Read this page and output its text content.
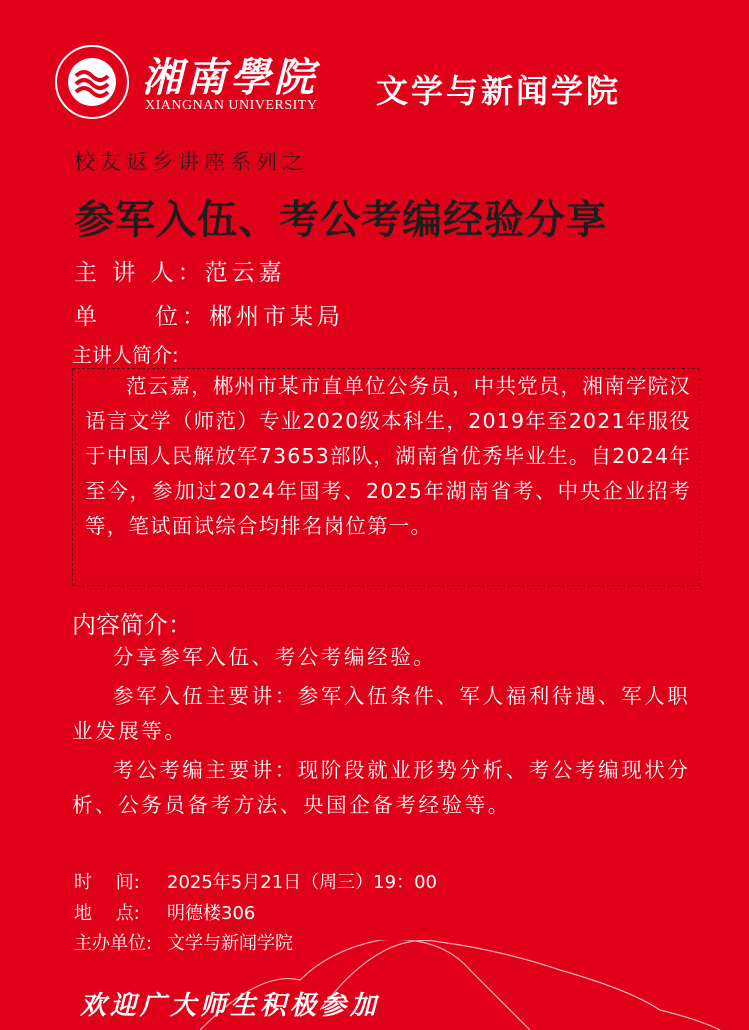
湘南學院
XIANGNAN UNIVERSITY 文学与新闻学院
校友返乡讲座系列之
参军入伍、考公考编经验分享
主 讲 人：范云嘉
单　　位：郴州市某局
主讲人简介:
范云嘉，郴州市某市直单位公务员，中共党员，湘南学院汉语言文学（师范）专业2020级本科生，2019年至2021年服役于中国人民解放军73653部队，湖南省优秀毕业生。自2024年至今，参加过2024年国考、2025年湖南省考、中央企业招考等，笔试面试综合均排名岗位第一。
内容简介：

分享参军入伍、考公考编经验。

参军入伍主要讲：参军入伍条件、军人福利待遇、军人职业发展等。

考公考编主要讲：现阶段就业形势分析、考公考编现状分析、公务员备考方法、央国企备考经验等。

时　 间: 2025年5月21日（周三）19：00
地　 点: 明德楼306
主办单位: 文学与新闻学院
欢迎广大师生积极参加
